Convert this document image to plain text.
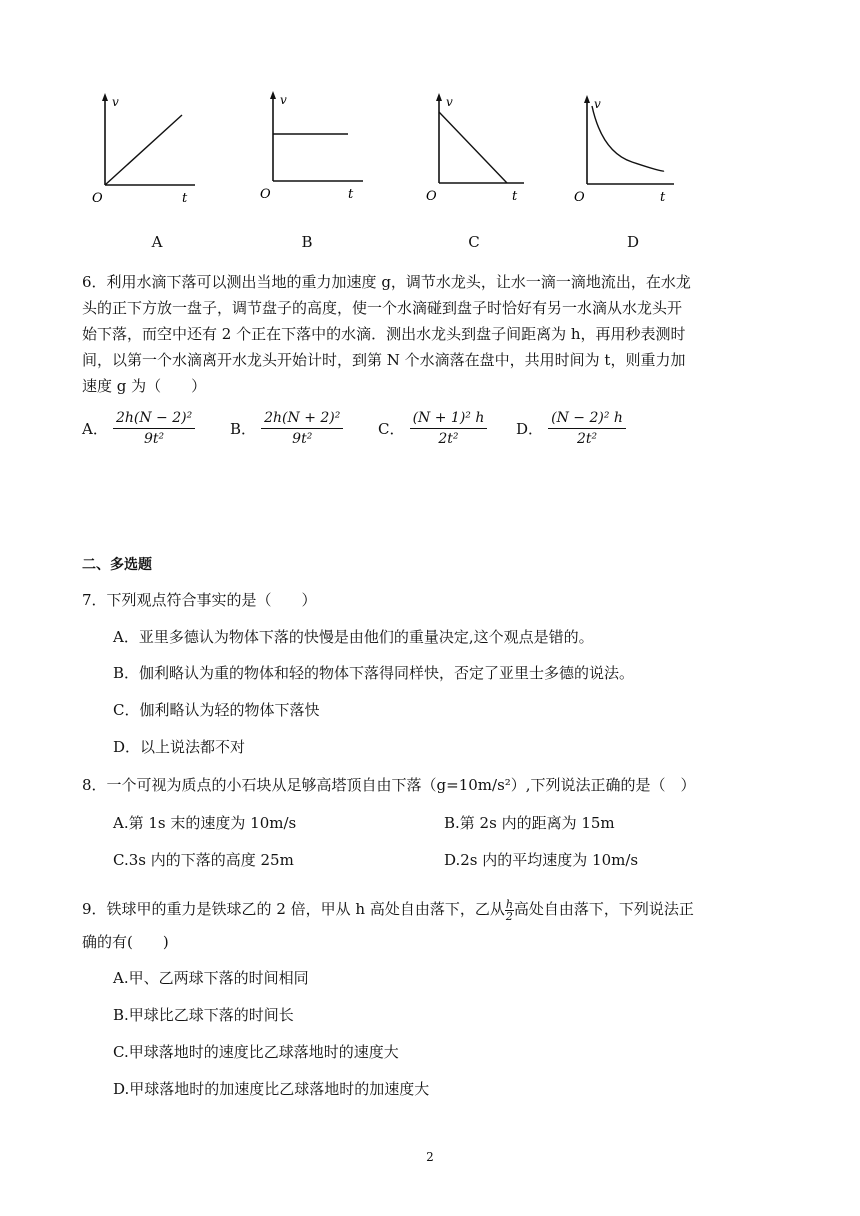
v
t
O
v
t
O
v
t
O
v
t
O
A	B	C	D
6．利用水滴下落可以测出当地的重力加速度 g，调节水龙头，让水一滴一滴地流出，在水龙
头的正下方放一盘子，调节盘子的高度，使一个水滴碰到盘子时恰好有另一水滴从水龙头开
始下落，而空中还有 2 个正在下落中的水滴．测出水龙头到盘子间距离为 h，再用秒表测时
间，以第一个水滴离开水龙头开始计时，到第 N 个水滴落在盘中，共用时间为 t，则重力加
速度 g 为（　　）
A． $\frac{\text{2h(N − 2)²}}{\text{9t²}}$ B． $\frac{\text{2h(N + 2)²}}{\text{9t²}}$ C． $\frac{\text{(N + 1)² h}}{\text{2t²}}$ D． $\frac{\text{(N − 2)² h}}{\text{2t²}}$
二、多选题
7．下列观点符合事实的是（　　）
A．亚里多德认为物体下落的快慢是由他们的重量决定,这个观点是错的。
B．伽利略认为重的物体和轻的物体下落得同样快，否定了亚里士多德的说法。
C．伽利略认为轻的物体下落快
D．以上说法都不对
8．一个可视为质点的小石块从足够高塔顶自由下落（g=10m/s²）,下列说法正确的是（　）
A.第 1s 末的速度为 10m/s	B.第 2s 内的距离为 15m
C.3s 内的下落的高度 25m	D.2s 内的平均速度为 10m/s
9．铁球甲的重力是铁球乙的 2 倍，甲从 h 高处自由落下，乙从 $\frac{h}{2}$ 高处自由落下，下列说法正
确的有(　　)
A.甲、乙两球下落的时间相同
B.甲球比乙球下落的时间长
C.甲球落地时的速度比乙球落地时的速度大
D.甲球落地时的加速度比乙球落地时的加速度大
2
